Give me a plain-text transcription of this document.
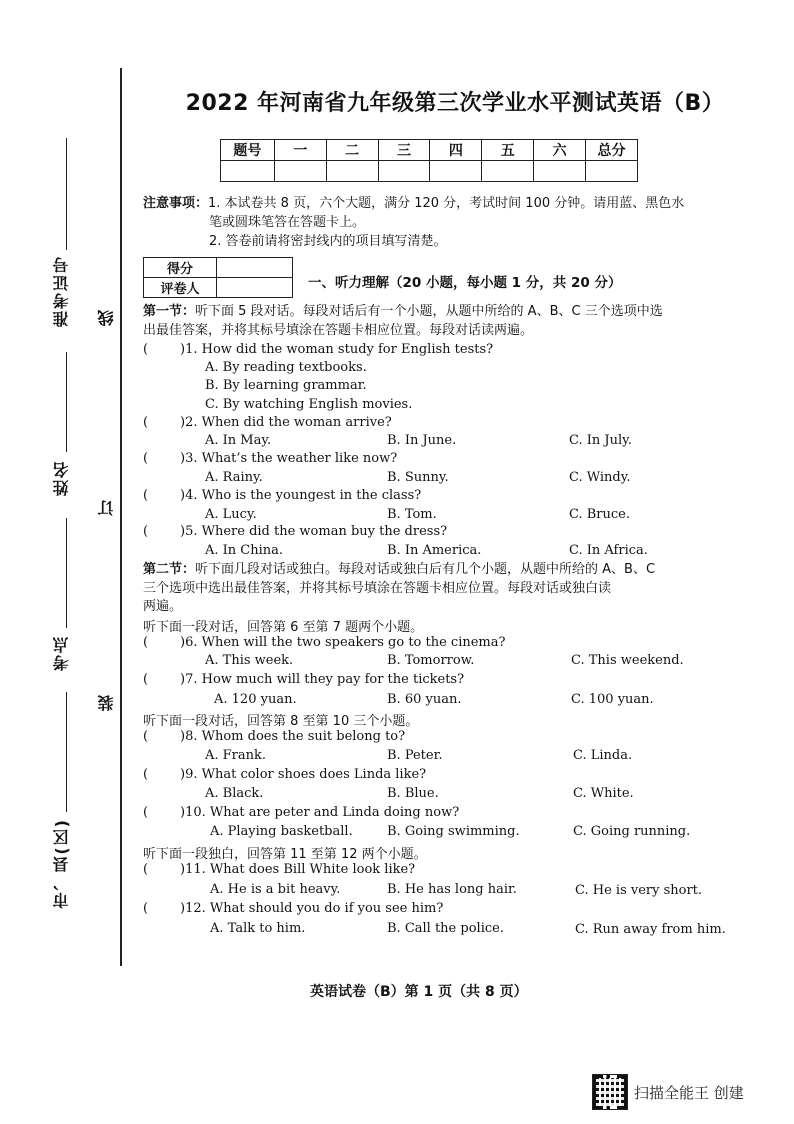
准考证号
姓名
考点
市、县(区)
线
订
装
2022 年河南省九年级第三次学业水平测试英语（B）
题号	一	二	三	四	五	六	总分

注意事项：1. 本试卷共 8 页，六个大题，满分 120 分，考试时间 100 分钟。请用蓝、黑色水
笔或圆珠笔答在答题卡上。
2. 答卷前请将密封线内的项目填写清楚。
得分	
评卷人		一、听力理解（20 小题，每小题 1 分，共 20 分）
第一节：听下面 5 段对话。每段对话后有一个小题，从题中所给的 A、B、C 三个选项中选
出最佳答案，并将其标号填涂在答题卡相应位置。每段对话读两遍。
( )1. How did the woman study for English tests?
A. By reading textbooks.
B. By learning grammar.
C. By watching English movies.
( )2. When did the woman arrive?
A. In May.	B. In June.	C. In July.
( )3. What’s the weather like now?
A. Rainy.	B. Sunny.	C. Windy.
( )4. Who is the youngest in the class?
A. Lucy.	B. Tom.	C. Bruce.
( )5. Where did the woman buy the dress?
A. In China.	B. In America.	C. In Africa.
第二节：听下面几段对话或独白。每段对话或独白后有几个小题，从题中所给的 A、B、C
三个选项中选出最佳答案，并将其标号填涂在答题卡相应位置。每段对话或独白读
两遍。
听下面一段对话，回答第 6 至第 7 题两个小题。
( )6. When will the two speakers go to the cinema?
A. This week.	B. Tomorrow.	C. This weekend.
( )7. How much will they pay for the tickets?
A. 120 yuan.	B. 60 yuan.	C. 100 yuan.
听下面一段对话，回答第 8 至第 10 三个小题。
( )8. Whom does the suit belong to?
A. Frank.	B. Peter.	C. Linda.
( )9. What color shoes does Linda like?
A. Black.	B. Blue.	C. White.
( )10. What are peter and Linda doing now?
A. Playing basketball.	B. Going swimming.	C. Going running.
听下面一段独白，回答第 11 至第 12 两个小题。
( )11. What does Bill White look like?
A. He is a bit heavy.	B. He has long hair.	C. He is very short.
( )12. What should you do if you see him?
A. Talk to him.	B. Call the police.	C. Run away from him.
英语试卷（B）第 1 页（共 8 页）
扫描全能王 创建
